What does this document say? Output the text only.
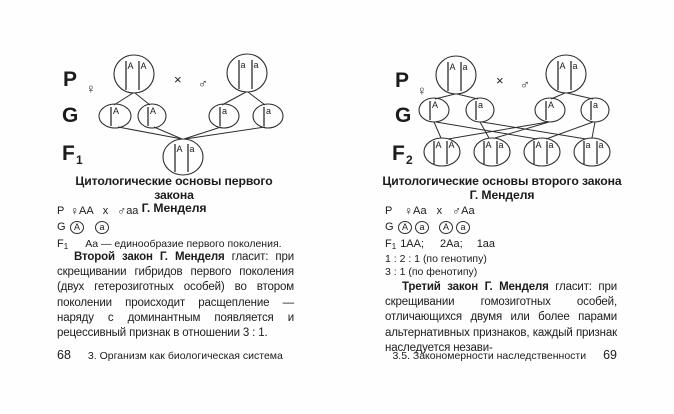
P ♀
× ♂
G
F 1
A A	a a
A	A	a	a
A a
Цитологические основы первого закона
Г. Менделя
P ♀ AA х ♂ aa
G A	a
F1 Aa — единообразие первого поколения.

Второй закон Г. Менделя гласит: при скрещивании гибридов первого поколения (двух гетерозиготных особей) во втором поколении происходит расщепление — наряду с доминантным появляется и рецессивный признак в отношении 3 : 1.

68 3. Организм как биологическая система
P ♀
× ♂
G
F 2
A a	A a
A	a	A	a
A A	A a	A a	a a
Цитологические основы второго закона
Г. Менделя
P ♀ Аа х ♂ Аа
G A	a	A	a
F1 1AA; 2Aa; 1aa
1 : 2 : 1 (по генотипу)
3 : 1 (по фенотипу)

Третий закон Г. Менделя гласит: при скрещивании гомозиготных особей, отличающихся двумя или более парами альтернативных признаков, каждый признак наследуется незави-

3.5. Закономерности наследственности 69
